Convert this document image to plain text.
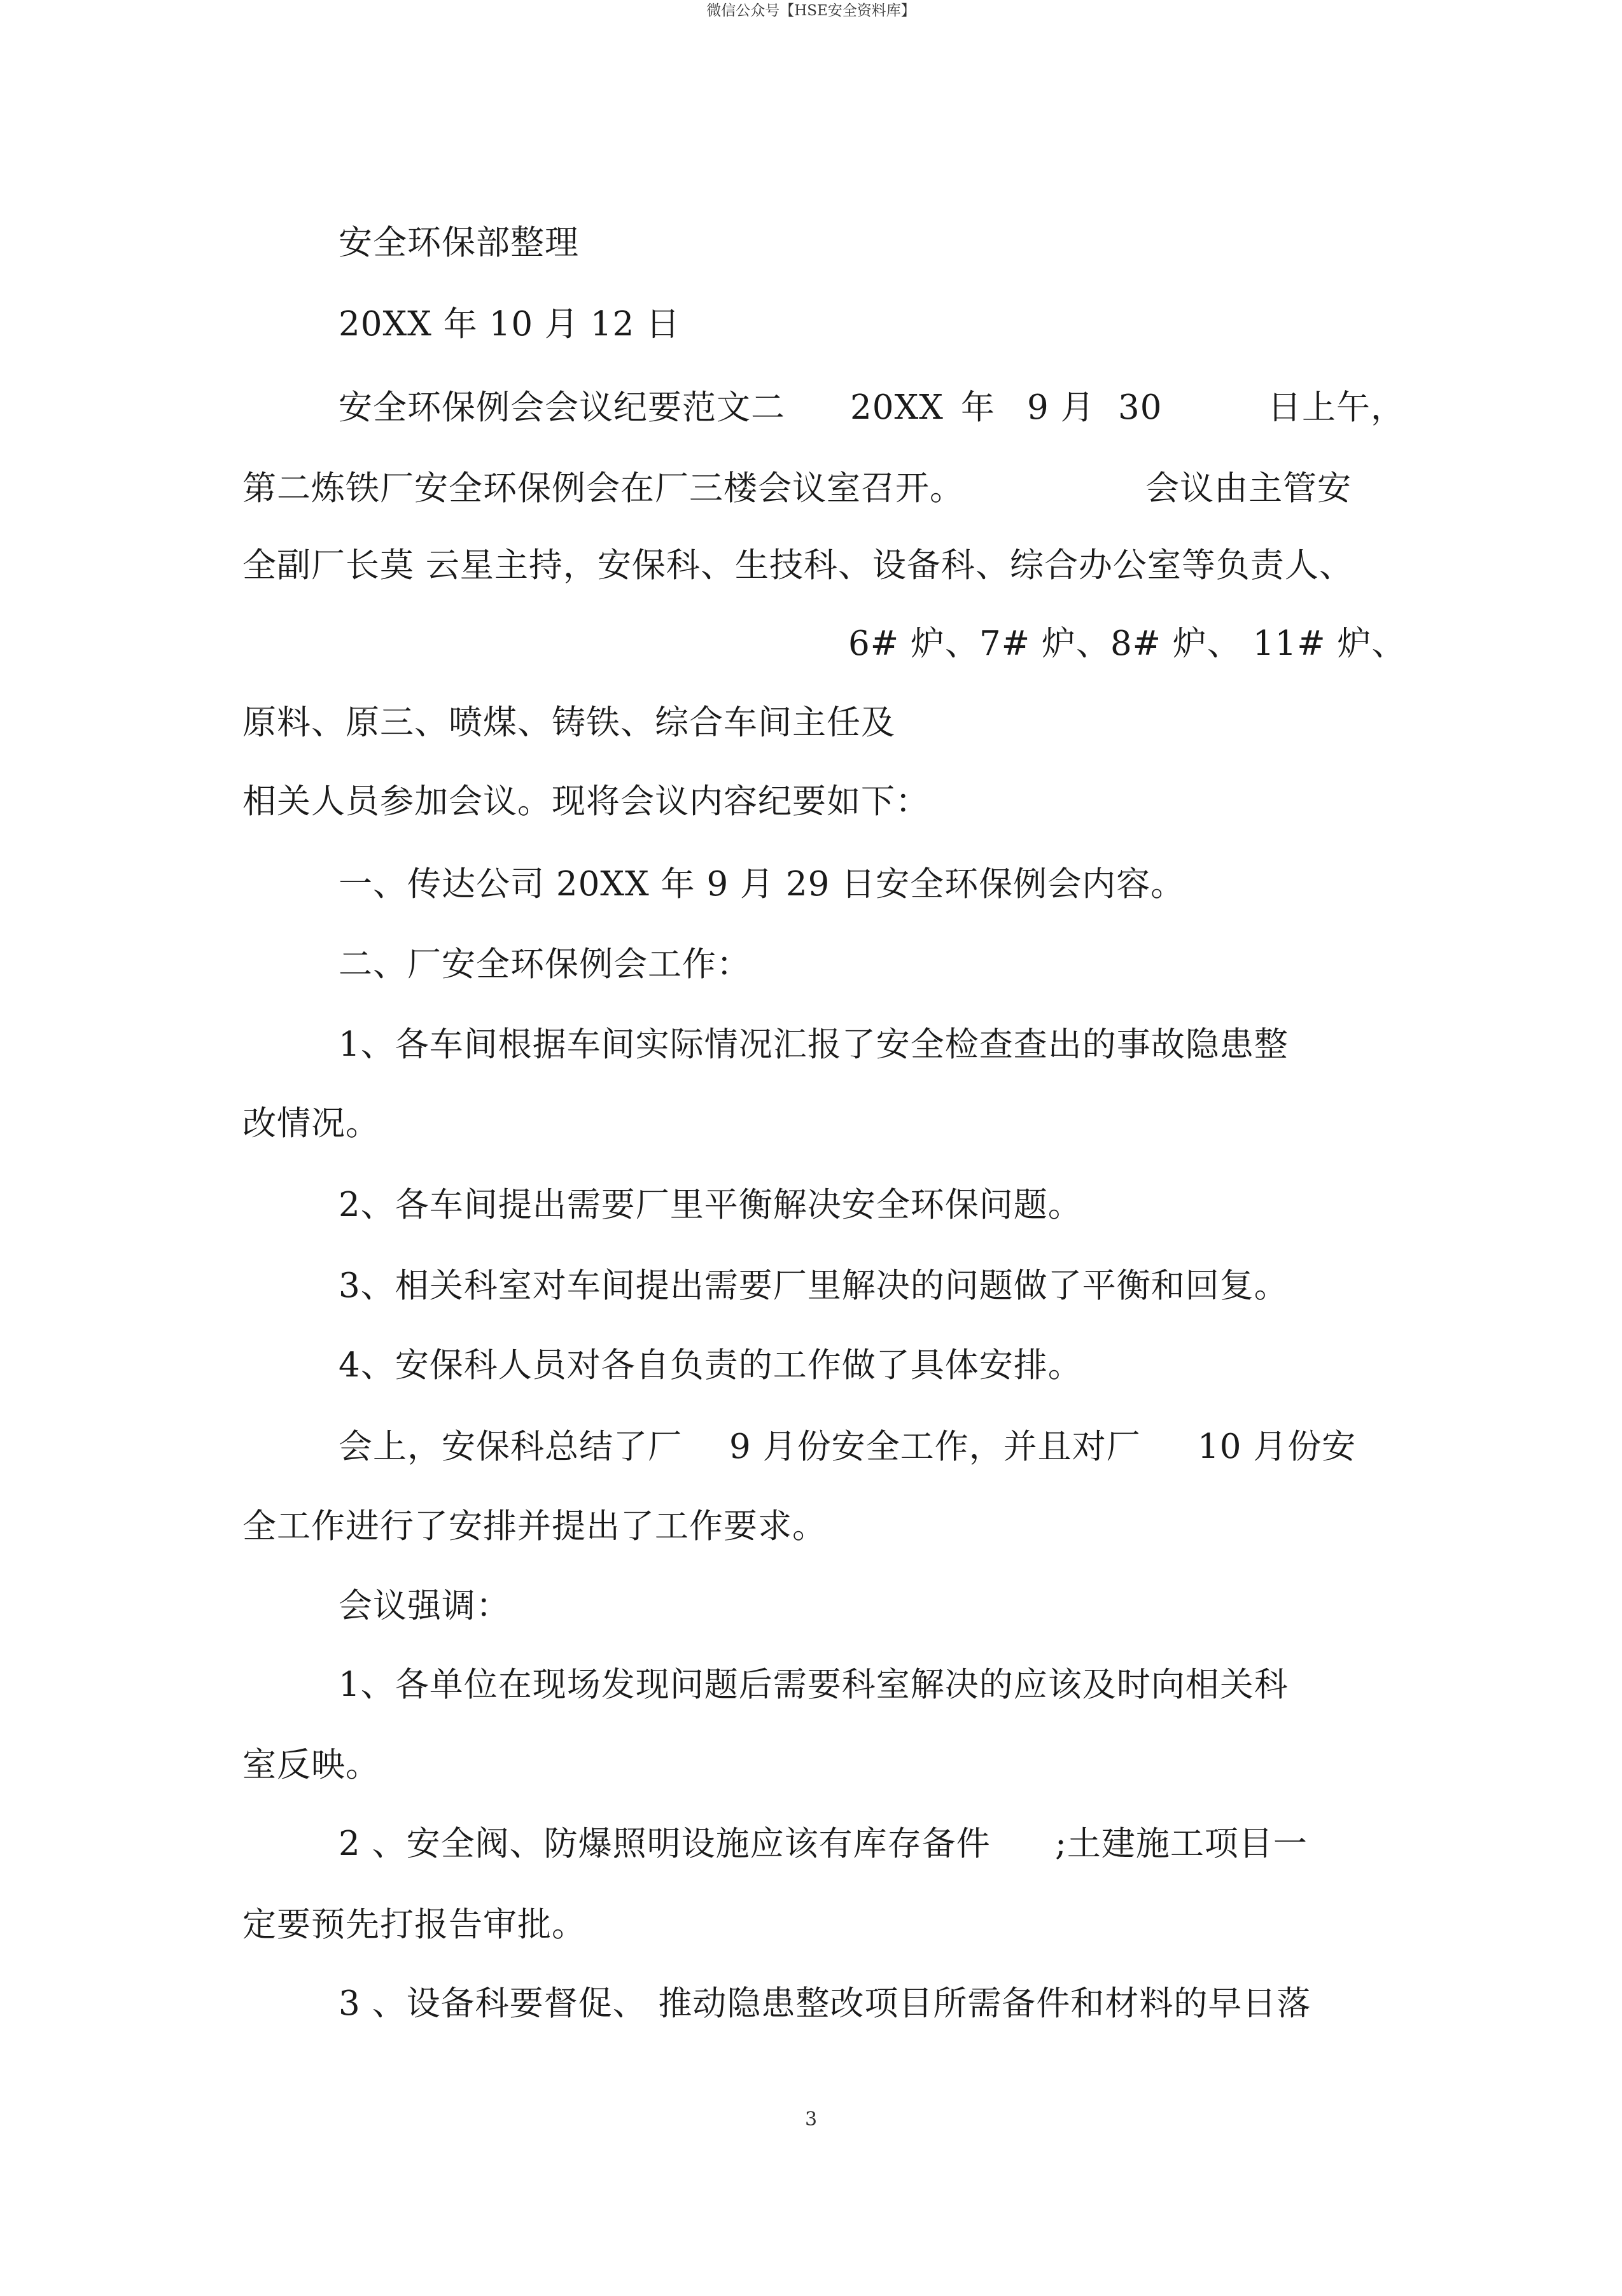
微信公众号【HSE安全资料库】
安全环保部整理
20XX 年 10 月 12 日
安全环保例会会议纪要范文二 20XX 年 9 月 30	日上午，
第二炼铁厂安全环保例会在厂三楼会议室召开。	会议由主管安
全副厂长莫 云星主持，安保科、生技科、设备科、综合办公室等负责人、
6# 炉、7# 炉、8# 炉、 11# 炉、
原料、原三、喷煤、铸铁、综合车间主任及
相关人员参加会议。现将会议内容纪要如下：
一、传达公司 20XX 年 9 月 29 日安全环保例会内容。
二、厂安全环保例会工作：
1、各车间根据车间实际情况汇报了安全检查查出的事故隐患整
改情况。
2、各车间提出需要厂里平衡解决安全环保问题。
3、相关科室对车间提出需要厂里解决的问题做了平衡和回复。
4、安保科人员对各自负责的工作做了具体安排。
会上，安保科总结了厂 9 月份安全工作，并且对厂 10 月份安
全工作进行了安排并提出了工作要求。
会议强调：
1、各单位在现场发现问题后需要科室解决的应该及时向相关科
室反映。
2 、安全阀、防爆照明设施应该有库存备件 ;土建施工项目一
定要预先打报告审批。
3 、设备科要督促、 推动隐患整改项目所需备件和材料的早日落
3
